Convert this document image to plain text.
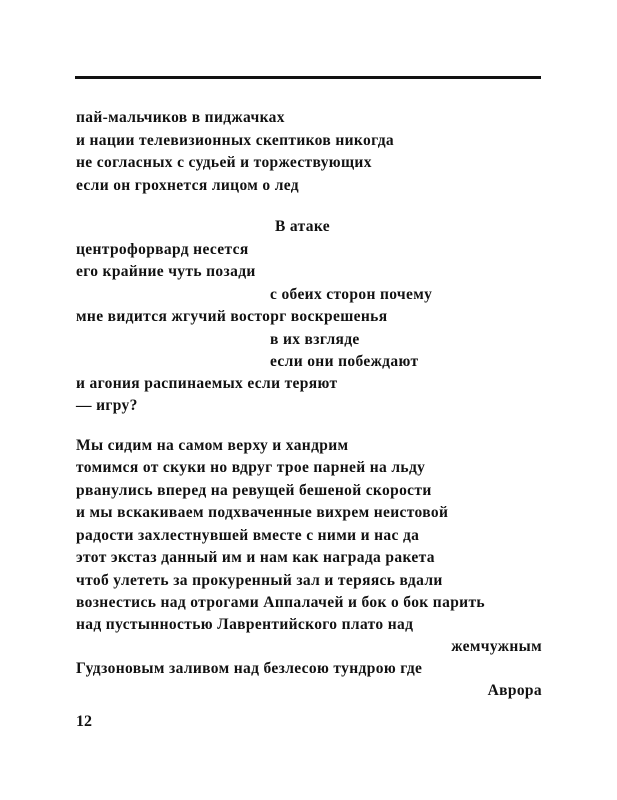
пай-мальчиков в пиджачках
и нации телевизионных скептиков никогда
не согласных с судьей и торжествующих
если он грохнется лицом о лед
В атаке
центрофорвард несется
его крайние чуть позади
с обеих сторон почему
мне видится жгучий восторг воскрешенья
в их взгляде
если они побеждают
и агония распинаемых если теряют
— игру?
Мы сидим на самом верху и хандрим
томимся от скуки но вдруг трое парней на льду
рванулись вперед на ревущей бешеной скорости
и мы вскакиваем подхваченные вихрем неистовой
радости захлестнувшей вместе с ними и нас да
этот экстаз данный им и нам как награда ракета
чтоб улететь за прокуренный зал и теряясь вдали
вознестись над отрогами Аппалачей и бок о бок парить
над пустынностью Лаврентийского плато над
жемчужным
Гудзоновым заливом над безлесою тундрою где
Аврора
12
